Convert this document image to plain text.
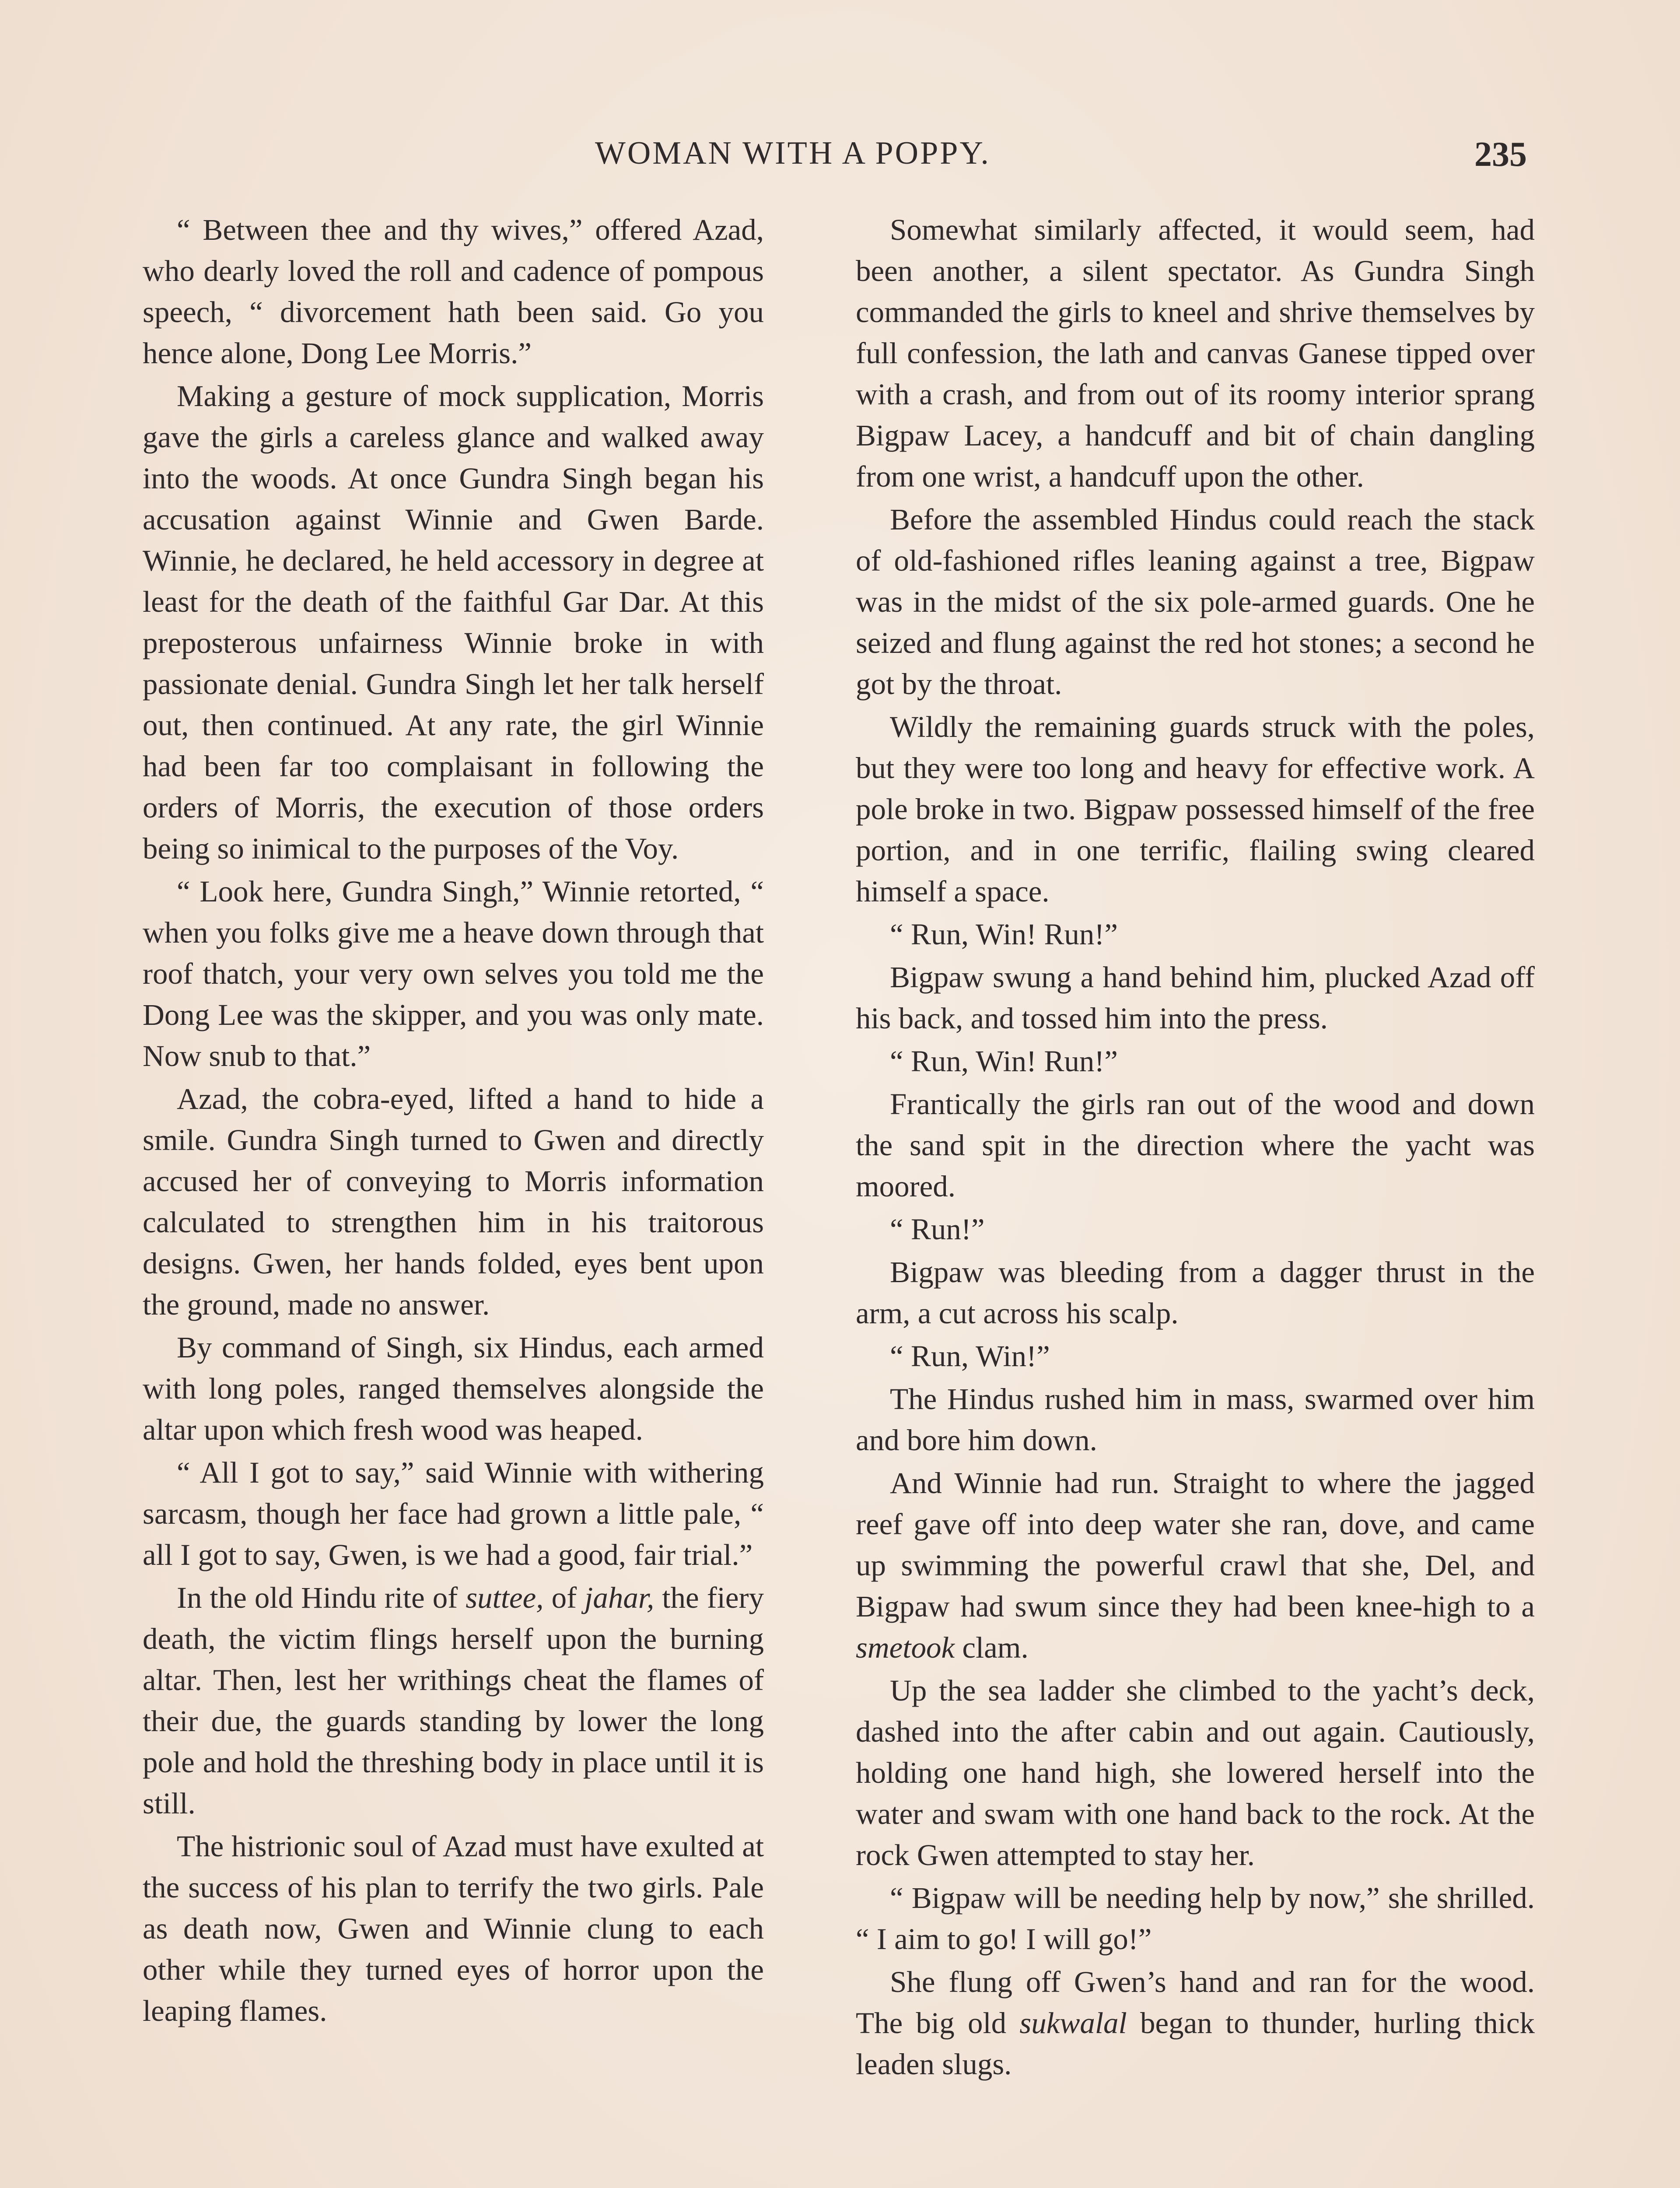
WOMAN WITH A POPPY.	235

“ Between thee and thy wives,” offered Azad, who dearly loved the roll and cadence of pompous speech, “ divorcement hath been said. Go you hence alone, Dong Lee Morris.”

Making a gesture of mock supplication, Morris gave the girls a careless glance and walked away into the woods. At once Gundra Singh began his accusation against Winnie and Gwen Barde. Winnie, he declared, he held accessory in degree at least for the death of the faithful Gar Dar. At this preposterous unfairness Winnie broke in with passionate denial. Gundra Singh let her talk herself out, then continued. At any rate, the girl Winnie had been far too complaisant in following the orders of Morris, the execution of those orders being so inimical to the purposes of the Voy.

“ Look here, Gundra Singh,” Winnie retorted, “ when you folks give me a heave down through that roof thatch, your very own selves you told me the Dong Lee was the skipper, and you was only mate. Now snub to that.”

Azad, the cobra-eyed, lifted a hand to hide a smile. Gundra Singh turned to Gwen and directly accused her of conveying to Morris information calculated to strengthen him in his traitorous designs. Gwen, her hands folded, eyes bent upon the ground, made no answer.

By command of Singh, six Hindus, each armed with long poles, ranged themselves alongside the altar upon which fresh wood was heaped.

“ All I got to say,” said Winnie with withering sarcasm, though her face had grown a little pale, “ all I got to say, Gwen, is we had a good, fair trial.”

In the old Hindu rite of suttee, of jahar, the fiery death, the victim flings herself upon the burning altar. Then, lest her writhings cheat the flames of their due, the guards standing by lower the long pole and hold the threshing body in place until it is still.

The histrionic soul of Azad must have exulted at the success of his plan to terrify the two girls. Pale as death now, Gwen and Winnie clung to each other while they turned eyes of horror upon the leaping flames.

Somewhat similarly affected, it would seem, had been another, a silent spectator. As Gundra Singh commanded the girls to kneel and shrive themselves by full confession, the lath and canvas Ganese tipped over with a crash, and from out of its roomy interior sprang Bigpaw Lacey, a handcuff and bit of chain dangling from one wrist, a handcuff upon the other.

Before the assembled Hindus could reach the stack of old-fashioned rifles leaning against a tree, Bigpaw was in the midst of the six pole-armed guards. One he seized and flung against the red hot stones; a second he got by the throat.

Wildly the remaining guards struck with the poles, but they were too long and heavy for effective work. A pole broke in two. Bigpaw possessed himself of the free portion, and in one terrific, flailing swing cleared himself a space.

“ Run, Win! Run!”

Bigpaw swung a hand behind him, plucked Azad off his back, and tossed him into the press.

“ Run, Win! Run!”

Frantically the girls ran out of the wood and down the sand spit in the direction where the yacht was moored.

“ Run!”

Bigpaw was bleeding from a dagger thrust in the arm, a cut across his scalp.

“ Run, Win!”

The Hindus rushed him in mass, swarmed over him and bore him down.

And Winnie had run. Straight to where the jagged reef gave off into deep water she ran, dove, and came up swimming the powerful crawl that she, Del, and Bigpaw had swum since they had been knee-high to a smetook clam.

Up the sea ladder she climbed to the yacht’s deck, dashed into the after cabin and out again. Cautiously, holding one hand high, she lowered herself into the water and swam with one hand back to the rock. At the rock Gwen attempted to stay her.

“ Bigpaw will be needing help by now,” she shrilled. “ I aim to go! I will go!”

She flung off Gwen’s hand and ran for the wood. The big old sukwalal began to thunder, hurling thick leaden slugs.
